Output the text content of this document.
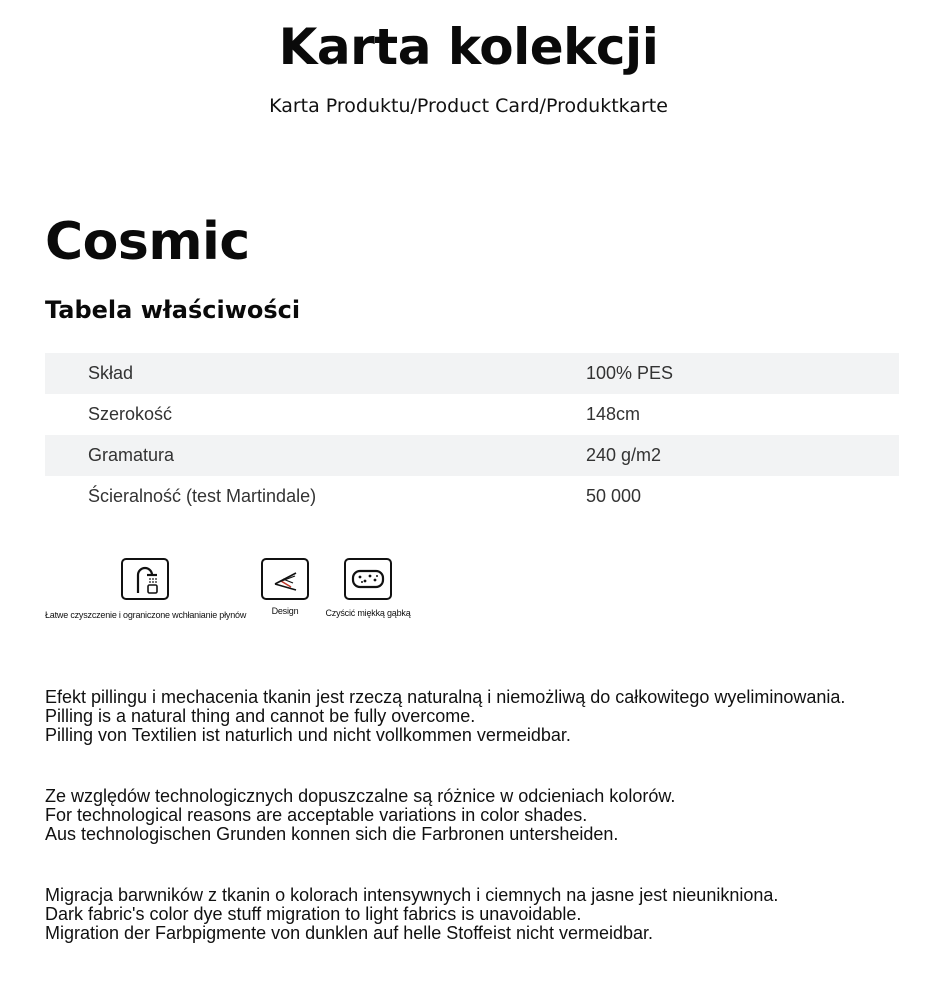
Karta kolekcji
Karta Produktu/Product Card/Produktkarte
Cosmic
Tabela właściwości
Skład	100% PES
Szerokość	148cm
Gramatura	240 g/m2
Ścieralność (test Martindale)	50 000
Łatwe czyszczenie i ograniczone wchłanianie płynów	Design	Czyścić miękką gąbką
Efekt pillingu i mechacenia tkanin jest rzeczą naturalną i niemożliwą do całkowitego wyeliminowania.
Pilling is a natural thing and cannot be fully overcome.
Pilling von Textilien ist naturlich und nicht vollkommen vermeidbar.
Ze względów technologicznych dopuszczalne są różnice w odcieniach kolorów.
For technological reasons are acceptable variations in color shades.
Aus technologischen Grunden konnen sich die Farbronen untersheiden.
Migracja barwników z tkanin o kolorach intensywnych i ciemnych na jasne jest nieunikniona.
Dark fabric's color dye stuff migration to light fabrics is unavoidable.
Migration der Farbpigmente von dunklen auf helle Stoffeist nicht vermeidbar.
